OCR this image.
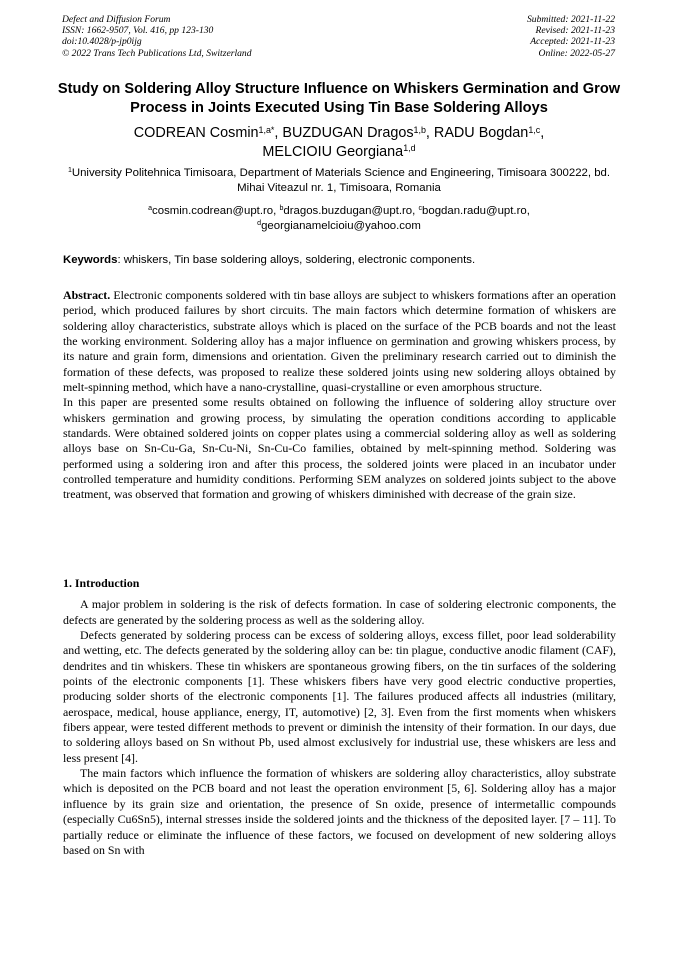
Defect and Diffusion Forum
ISSN: 1662-9507, Vol. 416, pp 123-130
doi:10.4028/p-jp0ijg
© 2022 Trans Tech Publications Ltd, Switzerland
Submitted: 2021-11-22
Revised: 2021-11-23
Accepted: 2021-11-23
Online: 2022-05-27
Study on Soldering Alloy Structure Influence on Whiskers Germination and Grow Process in Joints Executed Using Tin Base Soldering Alloys
CODREAN Cosmin$^{1,a*}$, BUZDUGAN Dragos$^{1,b}$, RADU Bogdan$^{1,c}$,
MELCIOIU Georgiana$^{1,d}$
$^1$University Politehnica Timisoara, Department of Materials Science and Engineering, Timisoara 300222, bd. Mihai Viteazul nr. 1, Timisoara, Romania
$^a$cosmin.codrean@upt.ro, $^b$dragos.buzdugan@upt.ro, $^c$bogdan.radu@upt.ro,
$^d$georgianamelcioiu@yahoo.com
Keywords: whiskers, Tin base soldering alloys, soldering, electronic components.

Abstract. Electronic components soldered with tin base alloys are subject to whiskers formations after an operation period, which produced failures by short circuits. The main factors which determine formation of whiskers are soldering alloy characteristics, substrate alloys which is placed on the surface of the PCB boards and not the least the working environment. Soldering alloy has a major influence on germination and growing whiskers process, by its nature and grain form, dimensions and orientation. Given the preliminary research carried out to diminish the formation of these defects, was proposed to realize these soldered joints using new soldering alloys obtained by melt-spinning method, which have a nano-crystalline, quasi-crystalline or even amorphous structure.

In this paper are presented some results obtained on following the influence of soldering alloy structure over whiskers germination and growing process, by simulating the operation conditions according to applicable standards. Were obtained soldered joints on copper plates using a commercial soldering alloy as well as soldering alloys base on Sn-Cu-Ga, Sn-Cu-Ni, Sn-Cu-Co families, obtained by melt-spinning method. Soldering was performed using a soldering iron and after this process, the soldered joints were placed in an incubator under controlled temperature and humidity conditions. Performing SEM analyzes on soldered joints subject to the above treatment, was observed that formation and growing of whiskers diminished with decrease of the grain size.

1. Introduction

A major problem in soldering is the risk of defects formation. In case of soldering electronic components, the defects are generated by the soldering process as well as the soldering alloy.

Defects generated by soldering process can be excess of soldering alloys, excess fillet, poor lead solderability and wetting, etc. The defects generated by the soldering alloy can be: tin plague, conductive anodic filament (CAF), dendrites and tin whiskers. These tin whiskers are spontaneous growing fibers, on the tin surfaces of the soldering points of the electronic components [1]. These whiskers fibers have very good electric conductive properties, producing solder shorts of the electronic components [1]. The failures produced affects all industries (military, aerospace, medical, house appliance, energy, IT, automotive) [2, 3]. Even from the first moments when whiskers fibers appear, were tested different methods to prevent or diminish the intensity of their formation. In our days, due to soldering alloys based on Sn without Pb, used almost exclusively for industrial use, these whiskers are less and less present [4].

The main factors which influence the formation of whiskers are soldering alloy characteristics, alloy substrate which is deposited on the PCB board and not least the operation environment [5, 6]. Soldering alloy has a major influence by its grain size and orientation, the presence of Sn oxide, presence of intermetallic compounds (especially Cu6Sn5), internal stresses inside the soldered joints and the thickness of the deposited layer. [7 – 11]. To partially reduce or eliminate the influence of these factors, we focused on development of new soldering alloys based on Sn with
